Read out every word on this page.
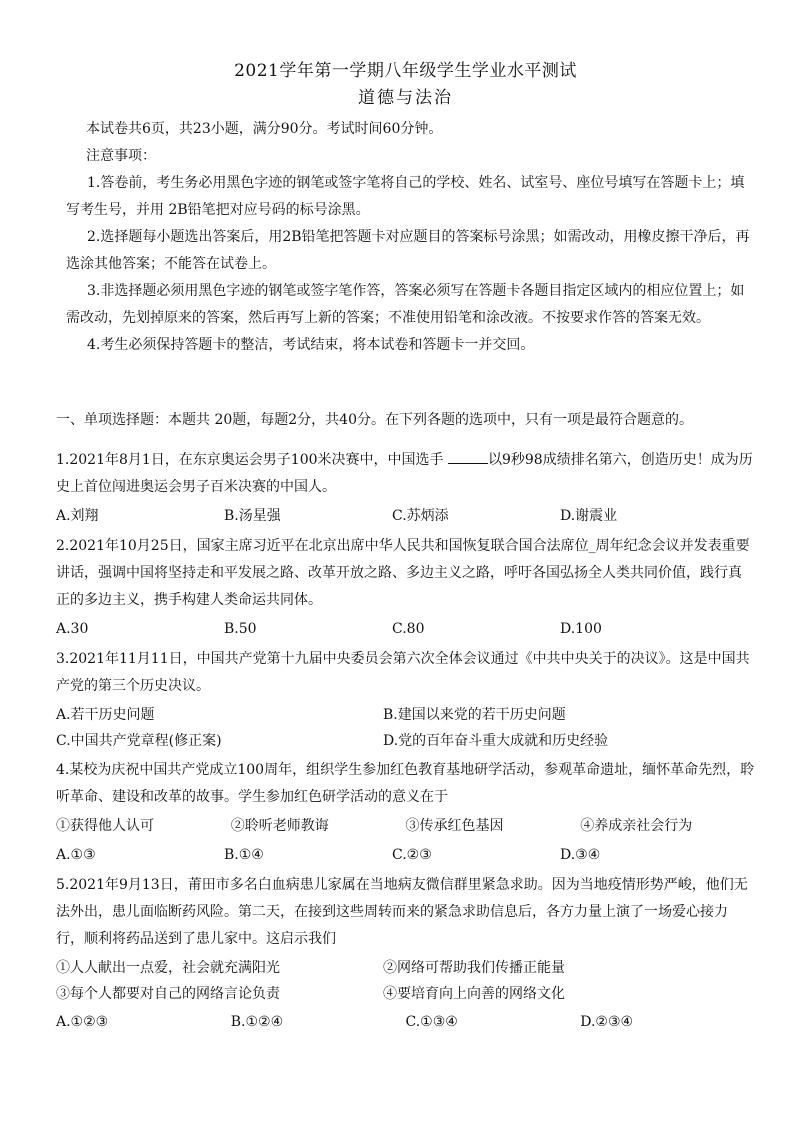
2021学年第一学期八年级学生学业水平测试

道德与法治

本试卷共6页，共23小题，满分90分。考试时间60分钟。

注意事项：

1.答卷前，考生务必用黑色字迹的钢笔或签字笔将自己的学校、姓名、试室号、座位号填写在答题卡上；填写考生号，并用 2B铅笔把对应号码的标号涂黑。

2.选择题每小题选出答案后，用2B铅笔把答题卡对应题目的答案标号涂黑；如需改动，用橡皮擦干净后，再选涂其他答案；不能答在试卷上。

3.非选择题必须用黑色字迹的钢笔或签字笔作答，答案必须写在答题卡各题目指定区域内的相应位置上；如需改动，先划掉原来的答案，然后再写上新的答案；不准使用铅笔和涂改液。不按要求作答的答案无效。

4.考生必须保持答题卡的整洁，考试结束，将本试卷和答题卡一并交回。

一、单项选择题：本题共 20题，每题2分，共40分。在下列各题的选项中，只有一项是最符合题意的。

1.2021年8月1日，在东京奥运会男子100米决赛中，中国选手	以9秒98成绩排名第六，创造历史！成为历史上首位闯进奥运会男子百米决赛的中国人。

A.刘翔	B.汤星强	C.苏炳添	D.谢震业

2.2021年10月25日，国家主席习近平在北京出席中华人民共和国恢复联合国合法席位_周年纪念会议并发表重要讲话，强调中国将坚持走和平发展之路、改革开放之路、多边主义之路，呼吁各国弘扬全人类共同价值，践行真正的多边主义，携手构建人类命运共同体。

A.30	B.50	C.80	D.100

3.2021年11月11日，中国共产党第十九届中央委员会第六次全体会议通过《中共中央关于的决议》。这是中国共产党的第三个历史决议。

A.若干历史问题	B.建国以来党的若干历史问题
C.中国共产党章程(修正案)	D.党的百年奋斗重大成就和历史经验

4.某校为庆祝中国共产党成立100周年，组织学生参加红色教育基地研学活动，参观革命遗址，缅怀革命先烈，聆听革命、建设和改革的故事。学生参加红色研学活动的意义在于

①获得他人认可	②聆听老师教诲	③传承红色基因	④养成亲社会行为
A.①③	B.①④	C.②③	D.③④

5.2021年9月13日，莆田市多名白血病患儿家属在当地病友微信群里紧急求助。因为当地疫情形势严峻，他们无法外出，患儿面临断药风险。第二天，在接到这些周转而来的紧急求助信息后，各方力量上演了一场爱心接力行，顺利将药品送到了患儿家中。这启示我们

①人人献出一点爱，社会就充满阳光	②网络可帮助我们传播正能量
③每个人都要对自己的网络言论负责	④要培育向上向善的网络文化
A.①②③	B.①②④	C.①③④	D.②③④
